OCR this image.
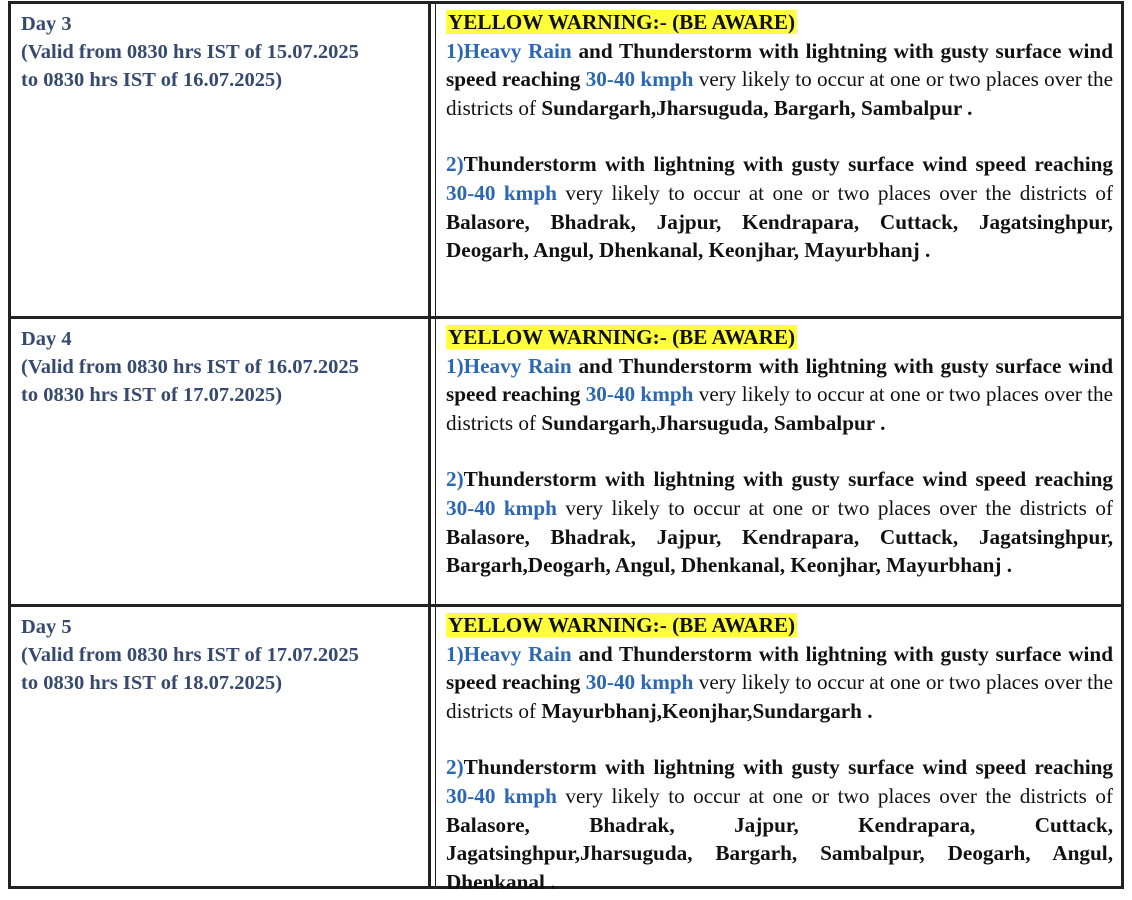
Day 3
(Valid from 0830 hrs IST of 15.07.2025
to 0830 hrs IST of 16.07.2025)
YELLOW WARNING:- (BE AWARE)

1)Heavy Rain and Thunderstorm with lightning with gusty surface wind speed reaching 30-40 kmph very likely to occur at one or two places over the districts of Sundargarh,Jharsuguda, Bargarh, Sambalpur .

2)Thunderstorm with lightning with gusty surface wind speed reaching 30-40 kmph very likely to occur at one or two places over the districts of Balasore, Bhadrak, Jajpur, Kendrapara, Cuttack, Jagatsinghpur, Deogarh, Angul, Dhenkanal, Keonjhar, Mayurbhanj .

Day 4
(Valid from 0830 hrs IST of 16.07.2025
to 0830 hrs IST of 17.07.2025)
YELLOW WARNING:- (BE AWARE)

1)Heavy Rain and Thunderstorm with lightning with gusty surface wind speed reaching 30-40 kmph very likely to occur at one or two places over the districts of Sundargarh,Jharsuguda, Sambalpur .

2)Thunderstorm with lightning with gusty surface wind speed reaching 30-40 kmph very likely to occur at one or two places over the districts of Balasore, Bhadrak, Jajpur, Kendrapara, Cuttack, Jagatsinghpur, Bargarh,Deogarh, Angul, Dhenkanal, Keonjhar, Mayurbhanj .

Day 5
(Valid from 0830 hrs IST of 17.07.2025
to 0830 hrs IST of 18.07.2025)
YELLOW WARNING:- (BE AWARE)

1)Heavy Rain and Thunderstorm with lightning with gusty surface wind speed reaching 30-40 kmph very likely to occur at one or two places over the districts of Mayurbhanj,Keonjhar,Sundargarh .

2)Thunderstorm with lightning with gusty surface wind speed reaching 30-40 kmph very likely to occur at one or two places over the districts of Balasore, Bhadrak, Jajpur, Kendrapara, Cuttack, Jagatsinghpur,Jharsuguda, Bargarh, Sambalpur, Deogarh, Angul, Dhenkanal .
